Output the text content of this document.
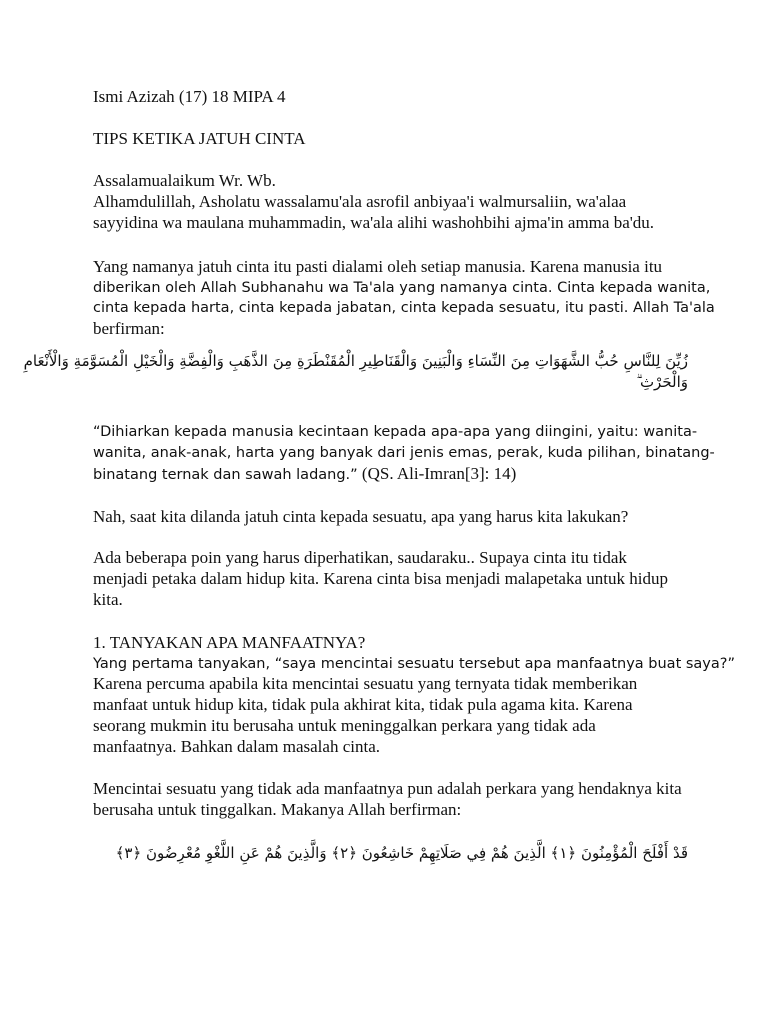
Ismi Azizah (17) 18 MIPA 4
TIPS KETIKA JATUH CINTA
Assalamualaikum Wr. Wb.
Alhamdulillah, Asholatu wassalamu'ala asrofil anbiyaa'i walmursaliin, wa'alaa
sayyidina wa maulana muhammadin, wa'ala alihi washohbihi ajma'in amma ba'du.
Yang namanya jatuh cinta itu pasti dialami oleh setiap manusia. Karena manusia itu
diberikan oleh Allah Subhanahu wa Ta'ala yang namanya cinta. Cinta kepada wanita,
cinta kepada harta, cinta kepada jabatan, cinta kepada sesuatu, itu pasti. Allah Ta'ala
berfirman:
زُيِّنَ لِلنَّاسِ حُبُّ الشَّهَوَاتِ مِنَ النِّسَاءِ وَالْبَنِينَ وَالْقَنَاطِيرِ الْمُقَنْطَرَةِ مِنَ الذَّهَبِ وَالْفِضَّةِ وَالْخَيْلِ الْمُسَوَّمَةِ وَالْأَنْعَامِ
وَالْحَرْثِ ۗ
“Dihiarkan kepada manusia kecintaan kepada apa-apa yang diingini, yaitu: wanita-
wanita, anak-anak, harta yang banyak dari jenis emas, perak, kuda pilihan, binatang-
binatang ternak dan sawah ladang.” (QS. Ali-Imran[3]: 14)
Nah, saat kita dilanda jatuh cinta kepada sesuatu, apa yang harus kita lakukan?
Ada beberapa poin yang harus diperhatikan, saudaraku.. Supaya cinta itu tidak
menjadi petaka dalam hidup kita. Karena cinta bisa menjadi malapetaka untuk hidup
kita.
1. TANYAKAN APA MANFAATNYA?
Yang pertama tanyakan, “saya mencintai sesuatu tersebut apa manfaatnya buat saya?”
Karena percuma apabila kita mencintai sesuatu yang ternyata tidak memberikan
manfaat untuk hidup kita, tidak pula akhirat kita, tidak pula agama kita. Karena
seorang mukmin itu berusaha untuk meninggalkan perkara yang tidak ada
manfaatnya. Bahkan dalam masalah cinta.
Mencintai sesuatu yang tidak ada manfaatnya pun adalah perkara yang hendaknya kita
berusaha untuk tinggalkan. Makanya Allah berfirman:
قَدْ أَفْلَحَ الْمُؤْمِنُونَ ﴿١﴾ الَّذِينَ هُمْ فِي صَلَاتِهِمْ خَاشِعُونَ ﴿٢﴾ وَالَّذِينَ هُمْ عَنِ اللَّغْوِ مُعْرِضُونَ ﴿٣﴾
